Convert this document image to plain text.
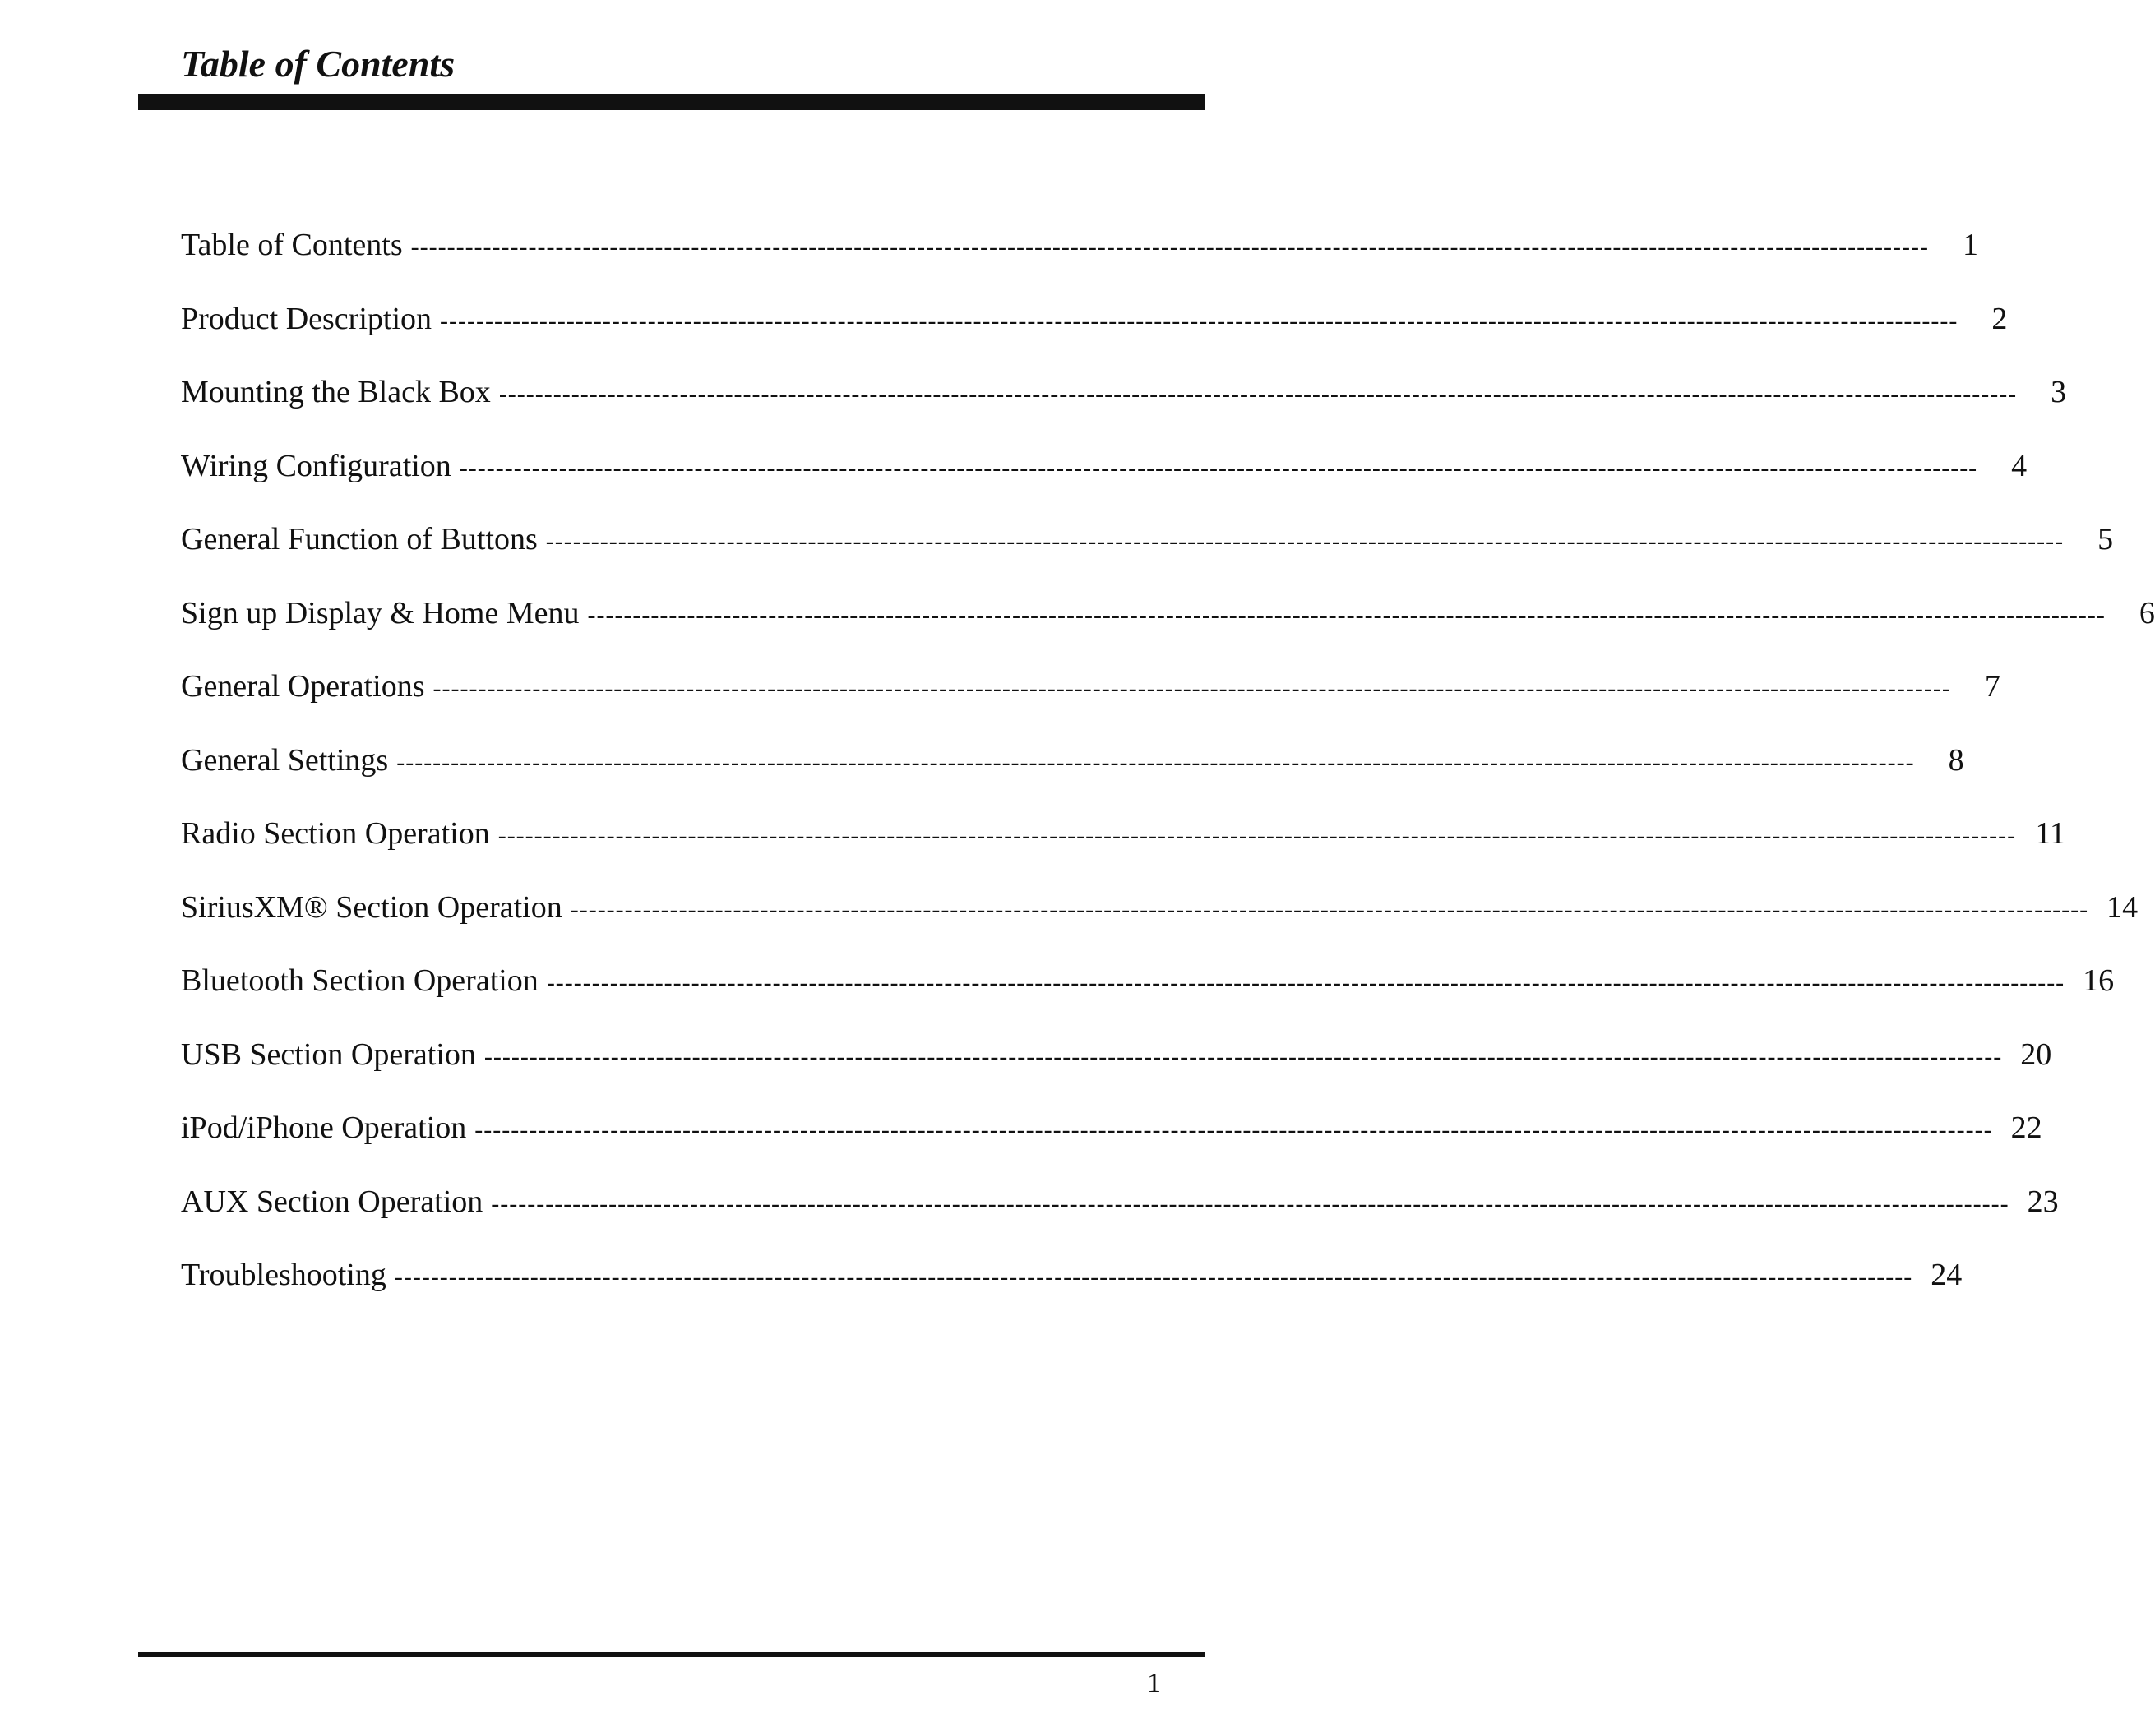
Table of Contents
Table of Contents ------------------------------------------------------------------------------------------------------------------------------------------------------------------------	1
Product Description ------------------------------------------------------------------------------------------------------------------------------------------------------------------------	2
Mounting the Black Box ------------------------------------------------------------------------------------------------------------------------------------------------------------------------	3
Wiring Configuration ------------------------------------------------------------------------------------------------------------------------------------------------------------------------	4
General Function of Buttons ------------------------------------------------------------------------------------------------------------------------------------------------------------------------	5
Sign up Display & Home Menu ------------------------------------------------------------------------------------------------------------------------------------------------------------------------	6
General Operations ------------------------------------------------------------------------------------------------------------------------------------------------------------------------	7
General Settings ------------------------------------------------------------------------------------------------------------------------------------------------------------------------	8
Radio Section Operation ------------------------------------------------------------------------------------------------------------------------------------------------------------------------ 11
SiriusXM® Section Operation ------------------------------------------------------------------------------------------------------------------------------------------------------------------------ 14
Bluetooth Section Operation ------------------------------------------------------------------------------------------------------------------------------------------------------------------------ 16
USB Section Operation ------------------------------------------------------------------------------------------------------------------------------------------------------------------------ 20
iPod/iPhone Operation ------------------------------------------------------------------------------------------------------------------------------------------------------------------------ 22
AUX Section Operation ------------------------------------------------------------------------------------------------------------------------------------------------------------------------ 23
Troubleshooting ------------------------------------------------------------------------------------------------------------------------------------------------------------------------ 24
1
